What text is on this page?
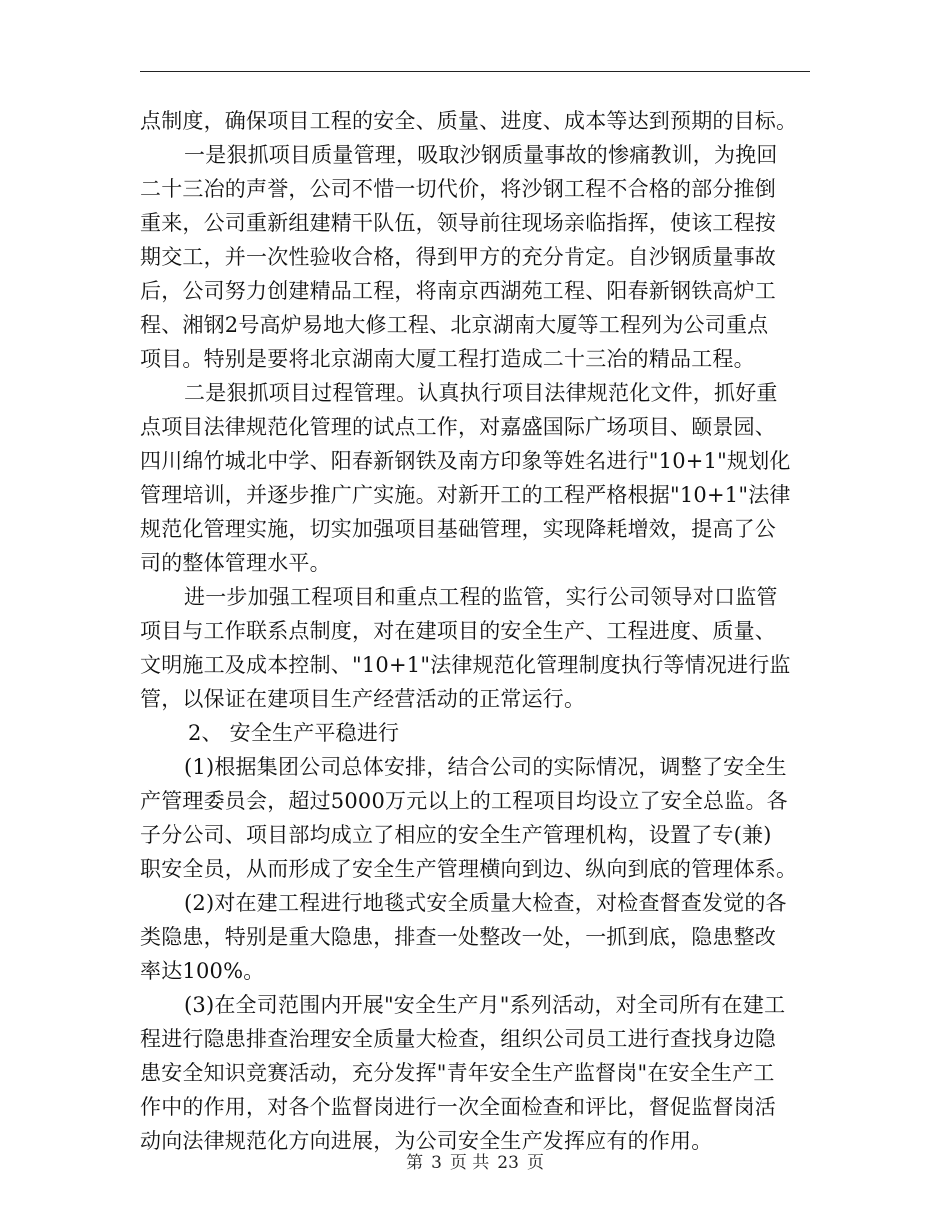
点制度，确保项目工程的安全、质量、进度、成本等达到预期的目标。
一是狠抓项目质量管理，吸取沙钢质量事故的惨痛教训，为挽回
二十三冶的声誉，公司不惜一切代价，将沙钢工程不合格的部分推倒
重来，公司重新组建精干队伍，领导前往现场亲临指挥，使该工程按
期交工，并一次性验收合格，得到甲方的充分肯定。自沙钢质量事故
后，公司努力创建精品工程，将南京西湖苑工程、阳春新钢铁高炉工
程、湘钢2号高炉易地大修工程、北京湖南大厦等工程列为公司重点
项目。特别是要将北京湖南大厦工程打造成二十三冶的精品工程。
二是狠抓项目过程管理。认真执行项目法律规范化文件，抓好重
点项目法律规范化管理的试点工作，对嘉盛国际广场项目、颐景园、
四川绵竹城北中学、阳春新钢铁及南方印象等姓名进行"10+1"规划化
管理培训，并逐步推广广实施。对新开工的工程严格根据"10+1"法律
规范化管理实施，切实加强项目基础管理，实现降耗增效，提高了公
司的整体管理水平。
进一步加强工程项目和重点工程的监管，实行公司领导对口监管
项目与工作联系点制度，对在建项目的安全生产、工程进度、质量、
文明施工及成本控制、"10+1"法律规范化管理制度执行等情况进行监
管，以保证在建项目生产经营活动的正常运行。
2、 安全生产平稳进行
(1)根据集团公司总体安排，结合公司的实际情况，调整了安全生
产管理委员会，超过5000万元以上的工程项目均设立了安全总监。各
子分公司、项目部均成立了相应的安全生产管理机构，设置了专(兼)
职安全员，从而形成了安全生产管理横向到边、纵向到底的管理体系。
(2)对在建工程进行地毯式安全质量大检查，对检查督查发觉的各
类隐患，特别是重大隐患，排查一处整改一处，一抓到底，隐患整改
率达100%。
(3)在全司范围内开展"安全生产月"系列活动，对全司所有在建工
程进行隐患排查治理安全质量大检查，组织公司员工进行查找身边隐
患安全知识竞赛活动，充分发挥"青年安全生产监督岗"在安全生产工
作中的作用，对各个监督岗进行一次全面检查和评比，督促监督岗活
动向法律规范化方向进展，为公司安全生产发挥应有的作用。
第 3 页 共 23 页
